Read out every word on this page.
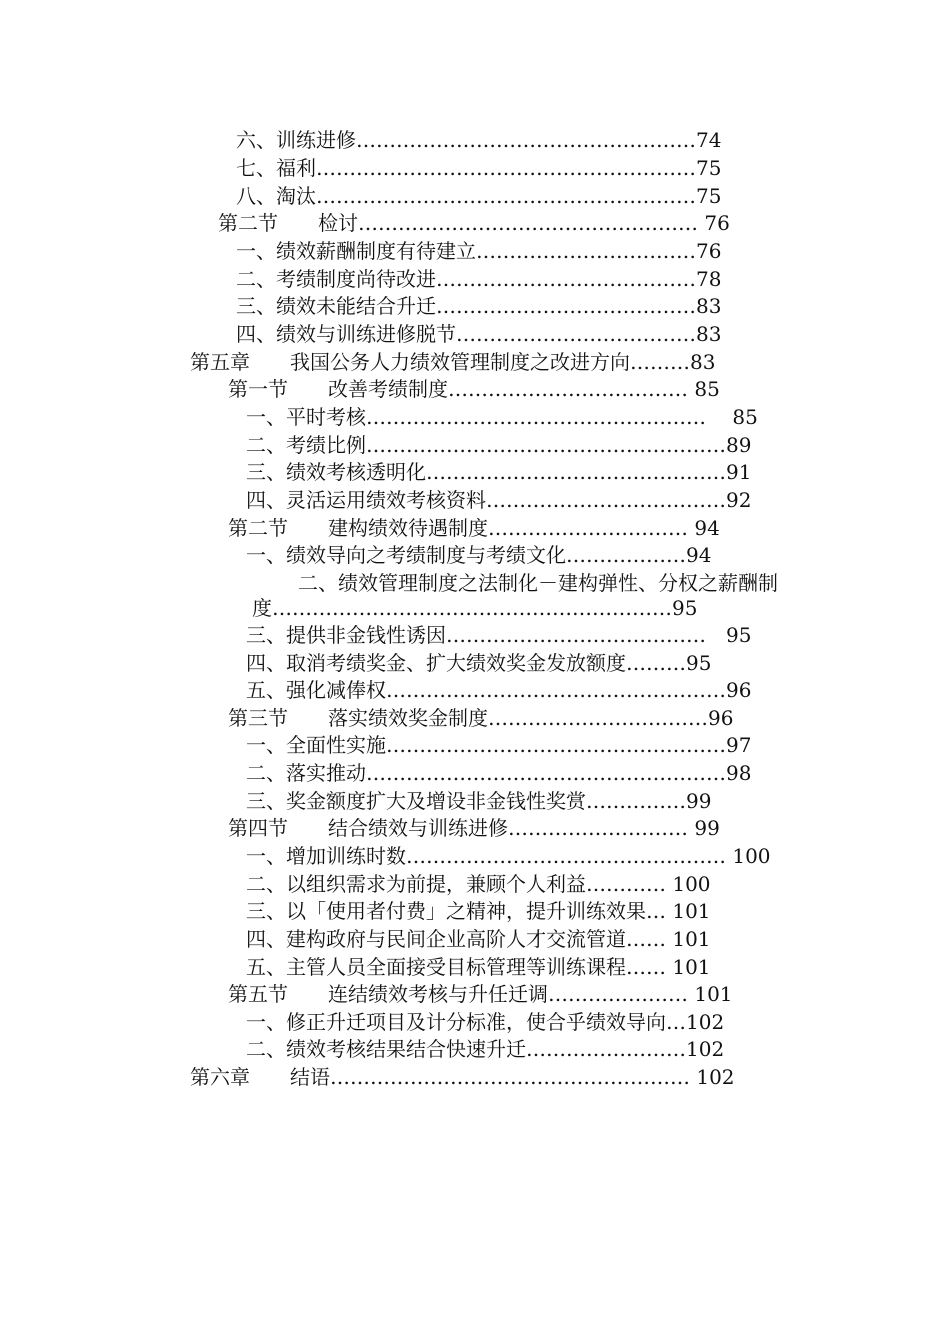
六、训练进修……………………………………………74
七、福利…………………………………………………75
八、淘汰…………………………………………………75
第二节　　检讨…………………………………………… 76
一、绩效薪酬制度有待建立……………………………76
二、考绩制度尚待改进…………………………………78
三、绩效未能结合升迁…………………………………83
四、绩效与训练进修脱节………………………………83
第五章　　我国公务人力绩效管理制度之改进方向………83
第一节　　改善考绩制度……………………………… 85
一、平时考核…………………………………………… 　85
二、考绩比例………………………………………………89
三、绩效考核透明化………………………………………91
四、灵活运用绩效考核资料………………………………92
第二节　　建构绩效待遇制度………………………… 94
一、绩效导向之考绩制度与考绩文化………………94
二、绩效管理制度之法制化－建构弹性、分权之薪酬制
度……………………………………………………95
三、提供非金钱性诱因…………………………………　95
四、取消考绩奖金、扩大绩效奖金发放额度………95
五、强化减俸权……………………………………………96
第三节　　落实绩效奖金制度……………………………96
一、全面性实施……………………………………………97
二、落实推动………………………………………………98
三、奖金额度扩大及增设非金钱性奖赏……………99
第四节　　结合绩效与训练进修……………………… 99
一、增加训练时数………………………………………… 100
二、以组织需求为前提，兼顾个人利益………… 100
三、以「使用者付费」之精神，提升训练效果… 101
四、建构政府与民间企业高阶人才交流管道…… 101
五、主管人员全面接受目标管理等训练课程…… 101
第五节　　连结绩效考核与升任迁调………………… 101
一、修正升迁项目及计分标准，使合乎绩效导向…102
二、绩效考核结果结合快速升迁……………………102
第六章　　结语……………………………………………… 102
